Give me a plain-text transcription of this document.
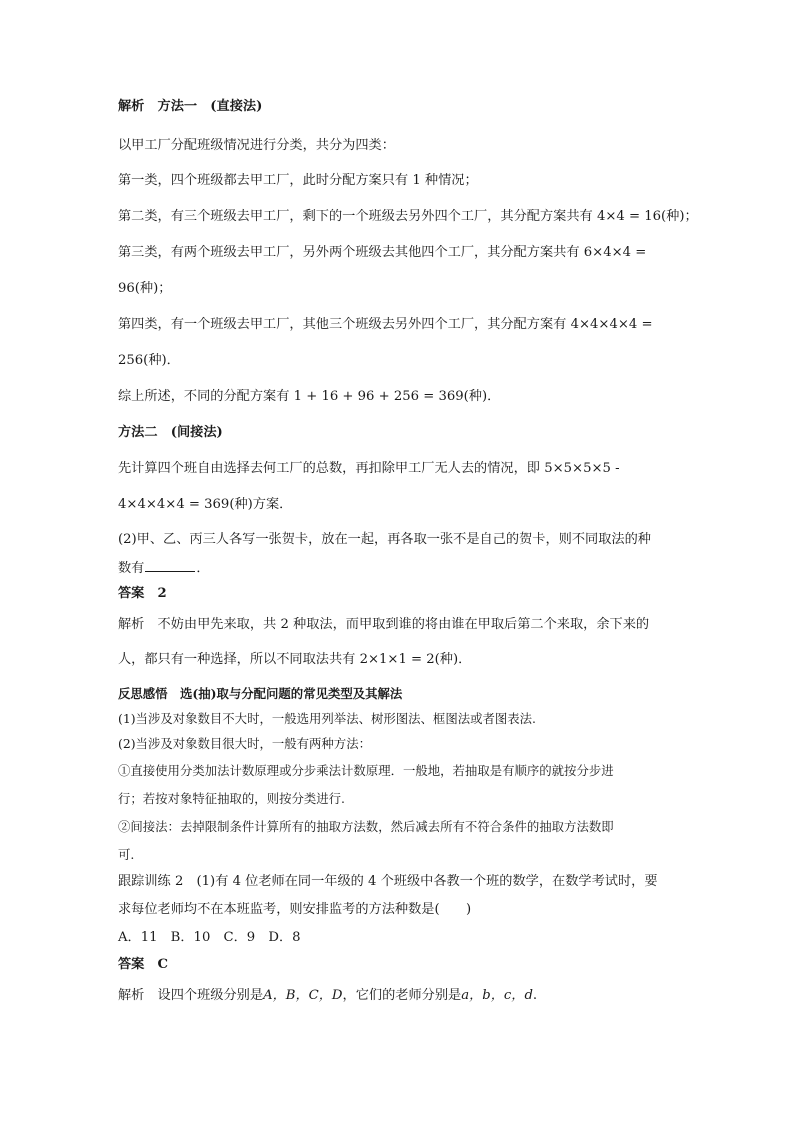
解析　方法一　(直接法)
以甲工厂分配班级情况进行分类，共分为四类：
第一类，四个班级都去甲工厂，此时分配方案只有 1 种情况；
第二类，有三个班级去甲工厂，剩下的一个班级去另外四个工厂，其分配方案共有 4×4 = 16(种)；
第三类，有两个班级去甲工厂，另外两个班级去其他四个工厂，其分配方案共有 6×4×4 =
96(种)；
第四类，有一个班级去甲工厂，其他三个班级去另外四个工厂，其分配方案有 4×4×4×4 =
256(种)．
综上所述，不同的分配方案有 1 + 16 + 96 + 256 = 369(种)．
方法二　(间接法)
先计算四个班自由选择去何工厂的总数，再扣除甲工厂无人去的情况，即 5×5×5×5 -
4×4×4×4 = 369(种)方案．
(2)甲、乙、丙三人各写一张贺卡，放在一起，再各取一张不是自己的贺卡，则不同取法的种
数有	．
答案　2
解析　不妨由甲先来取，共 2 种取法，而甲取到谁的将由谁在甲取后第二个来取，余下来的
人，都只有一种选择，所以不同取法共有 2×1×1 = 2(种)．
反思感悟　选(抽)取与分配问题的常见类型及其解法
(1)当涉及对象数目不大时，一般选用列举法、树形图法、框图法或者图表法.
(2)当涉及对象数目很大时，一般有两种方法：
①直接使用分类加法计数原理或分步乘法计数原理．一般地，若抽取是有顺序的就按分步进
行；若按对象特征抽取的，则按分类进行.
②间接法：去掉限制条件计算所有的抽取方法数，然后减去所有不符合条件的抽取方法数即
可.
跟踪训练 2　(1)有 4 位老师在同一年级的 4 个班级中各教一个班的数学，在数学考试时，要
求每位老师均不在本班监考，则安排监考的方法种数是(　　)
A．11　B．10　C．9　D．8
答案　C
解析　设四个班级分别是A，B，C，D，它们的老师分别是a，b，c，d.
